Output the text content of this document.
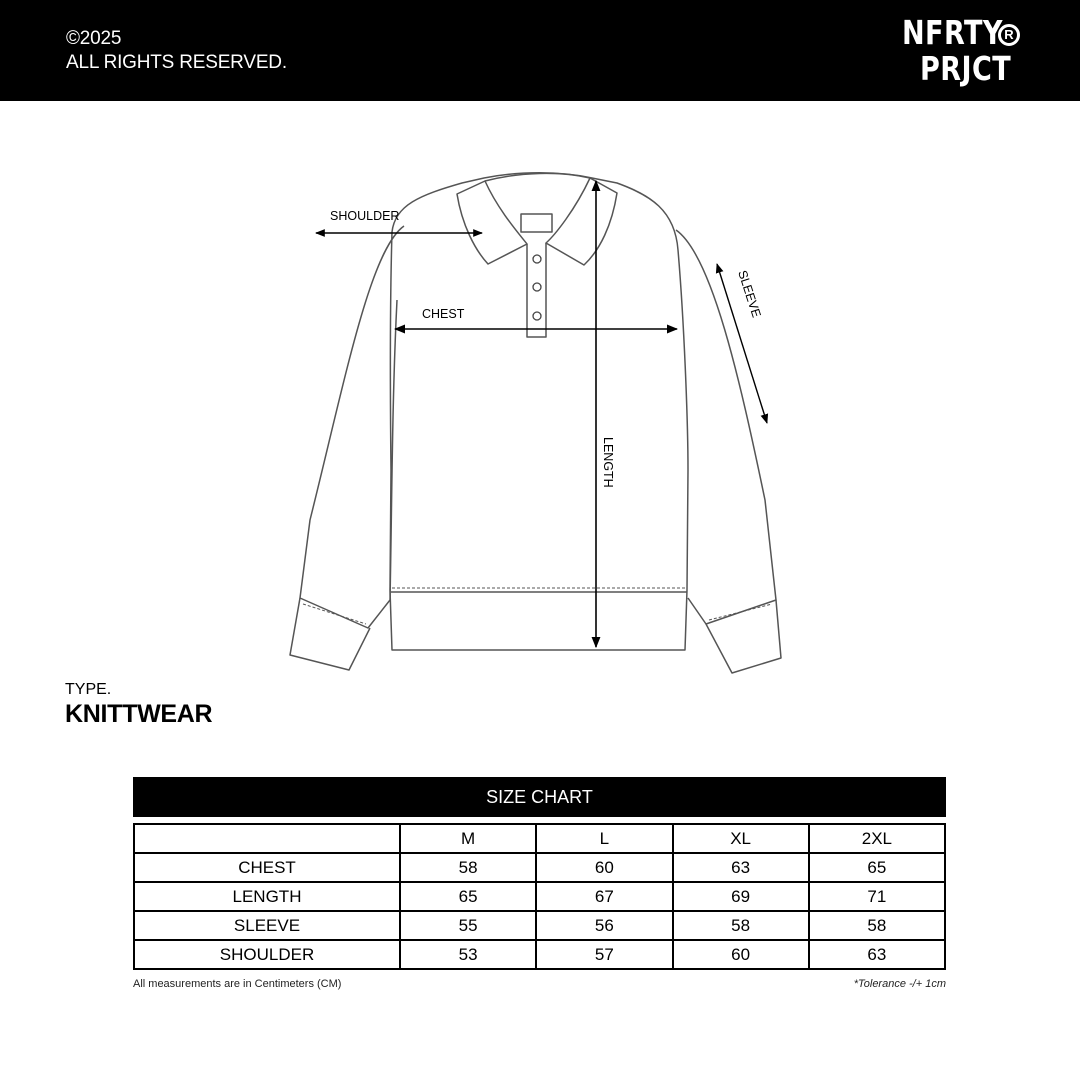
©2025
ALL RIGHTS RESERVED.
NFRTY R
PRJCT
SHOULDER
CHEST	SLEEVE
LENGTH
TYPE.
KNITTWEAR
SIZE CHART
	M	L	XL	2XL
CHEST	58	60	63	65
LENGTH	65	67	69	71
SLEEVE	55	56	58	58
SHOULDER	53	57	60	63
All measurements are in Centimeters (CM)	*Tolerance -/+ 1cm
